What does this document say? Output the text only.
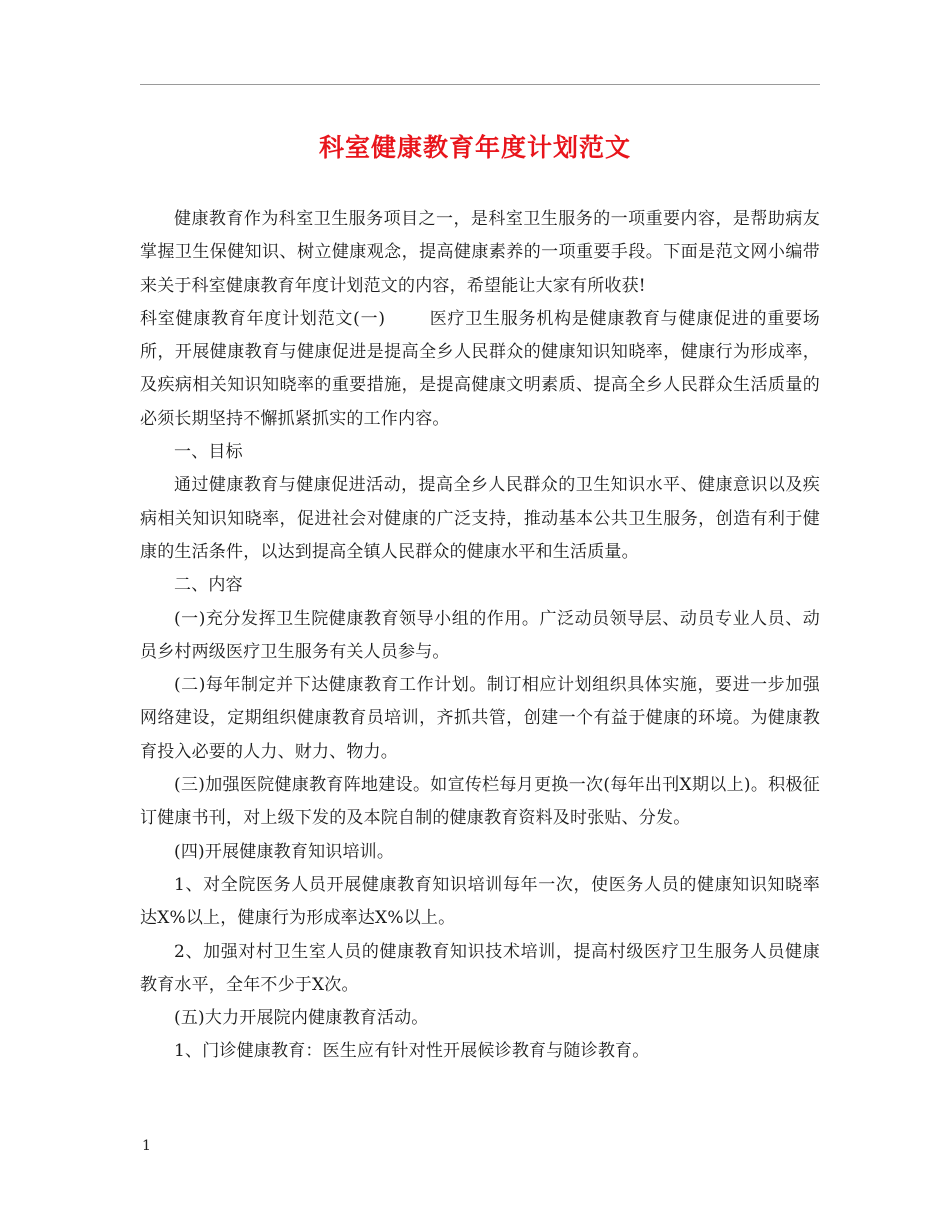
科室健康教育年度计划范文

健康教育作为科室卫生服务项目之一，是科室卫生服务的一项重要内容，是帮助病友掌握卫生保健知识、树立健康观念，提高健康素养的一项重要手段。下面是范文网小编带来关于科室健康教育年度计划范文的内容，希望能让大家有所收获!

科室健康教育年度计划范文(一)	医疗卫生服务机构是健康教育与健康促进的重要场所，开展健康教育与健康促进是提高全乡人民群众的健康知识知晓率，健康行为形成率，及疾病相关知识知晓率的重要措施，是提高健康文明素质、提高全乡人民群众生活质量的必须长期坚持不懈抓紧抓实的工作内容。

一、目标

通过健康教育与健康促进活动，提高全乡人民群众的卫生知识水平、健康意识以及疾病相关知识知晓率，促进社会对健康的广泛支持，推动基本公共卫生服务，创造有利于健康的生活条件，以达到提高全镇人民群众的健康水平和生活质量。

二、内容

(一)充分发挥卫生院健康教育领导小组的作用。广泛动员领导层、动员专业人员、动员乡村两级医疗卫生服务有关人员参与。

(二)每年制定并下达健康教育工作计划。制订相应计划组织具体实施，要进一步加强网络建设，定期组织健康教育员培训，齐抓共管，创建一个有益于健康的环境。为健康教育投入必要的人力、财力、物力。

(三)加强医院健康教育阵地建设。如宣传栏每月更换一次(每年出刊X期以上)。积极征订健康书刊，对上级下发的及本院自制的健康教育资料及时张贴、分发。

(四)开展健康教育知识培训。

1、对全院医务人员开展健康教育知识培训每年一次，使医务人员的健康知识知晓率达X%以上，健康行为形成率达X%以上。

2、加强对村卫生室人员的健康教育知识技术培训，提高村级医疗卫生服务人员健康教育水平，全年不少于X次。

(五)大力开展院内健康教育活动。

1、门诊健康教育：医生应有针对性开展候诊教育与随诊教育。

1
